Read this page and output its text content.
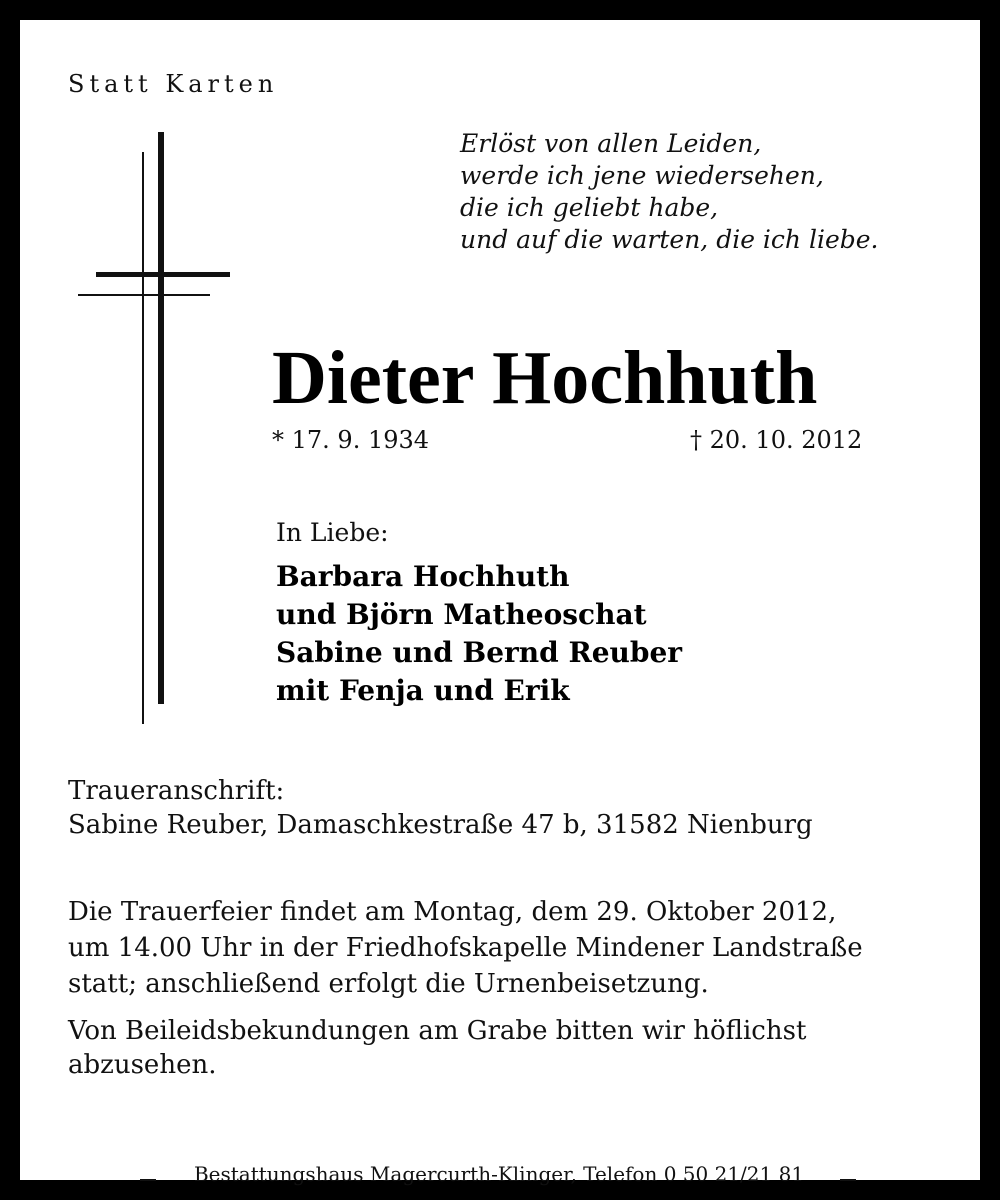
Statt Karten

Erlöst von allen Leiden,
werde ich jene wiedersehen,
die ich geliebt habe,
und auf die warten, die ich liebe.
Dieter Hochhuth
* 17. 9. 1934	† 20. 10. 2012
In Liebe:
Barbara Hochhuth
und Björn Matheoschat
Sabine und Bernd Reuber
mit Fenja und Erik
Traueranschrift:
Sabine Reuber, Damaschkestraße 47 b, 31582 Nienburg
Die Trauerfeier findet am Montag, dem 29. Oktober 2012,
um 14.00 Uhr in der Friedhofskapelle Mindener Landstraße
statt; anschließend erfolgt die Urnenbeisetzung.
Von Beileidsbekundungen am Grabe bitten wir höflichst
abzusehen.
Bestattungshaus Magercurth-Klinger, Telefon 0 50 21/21 81
